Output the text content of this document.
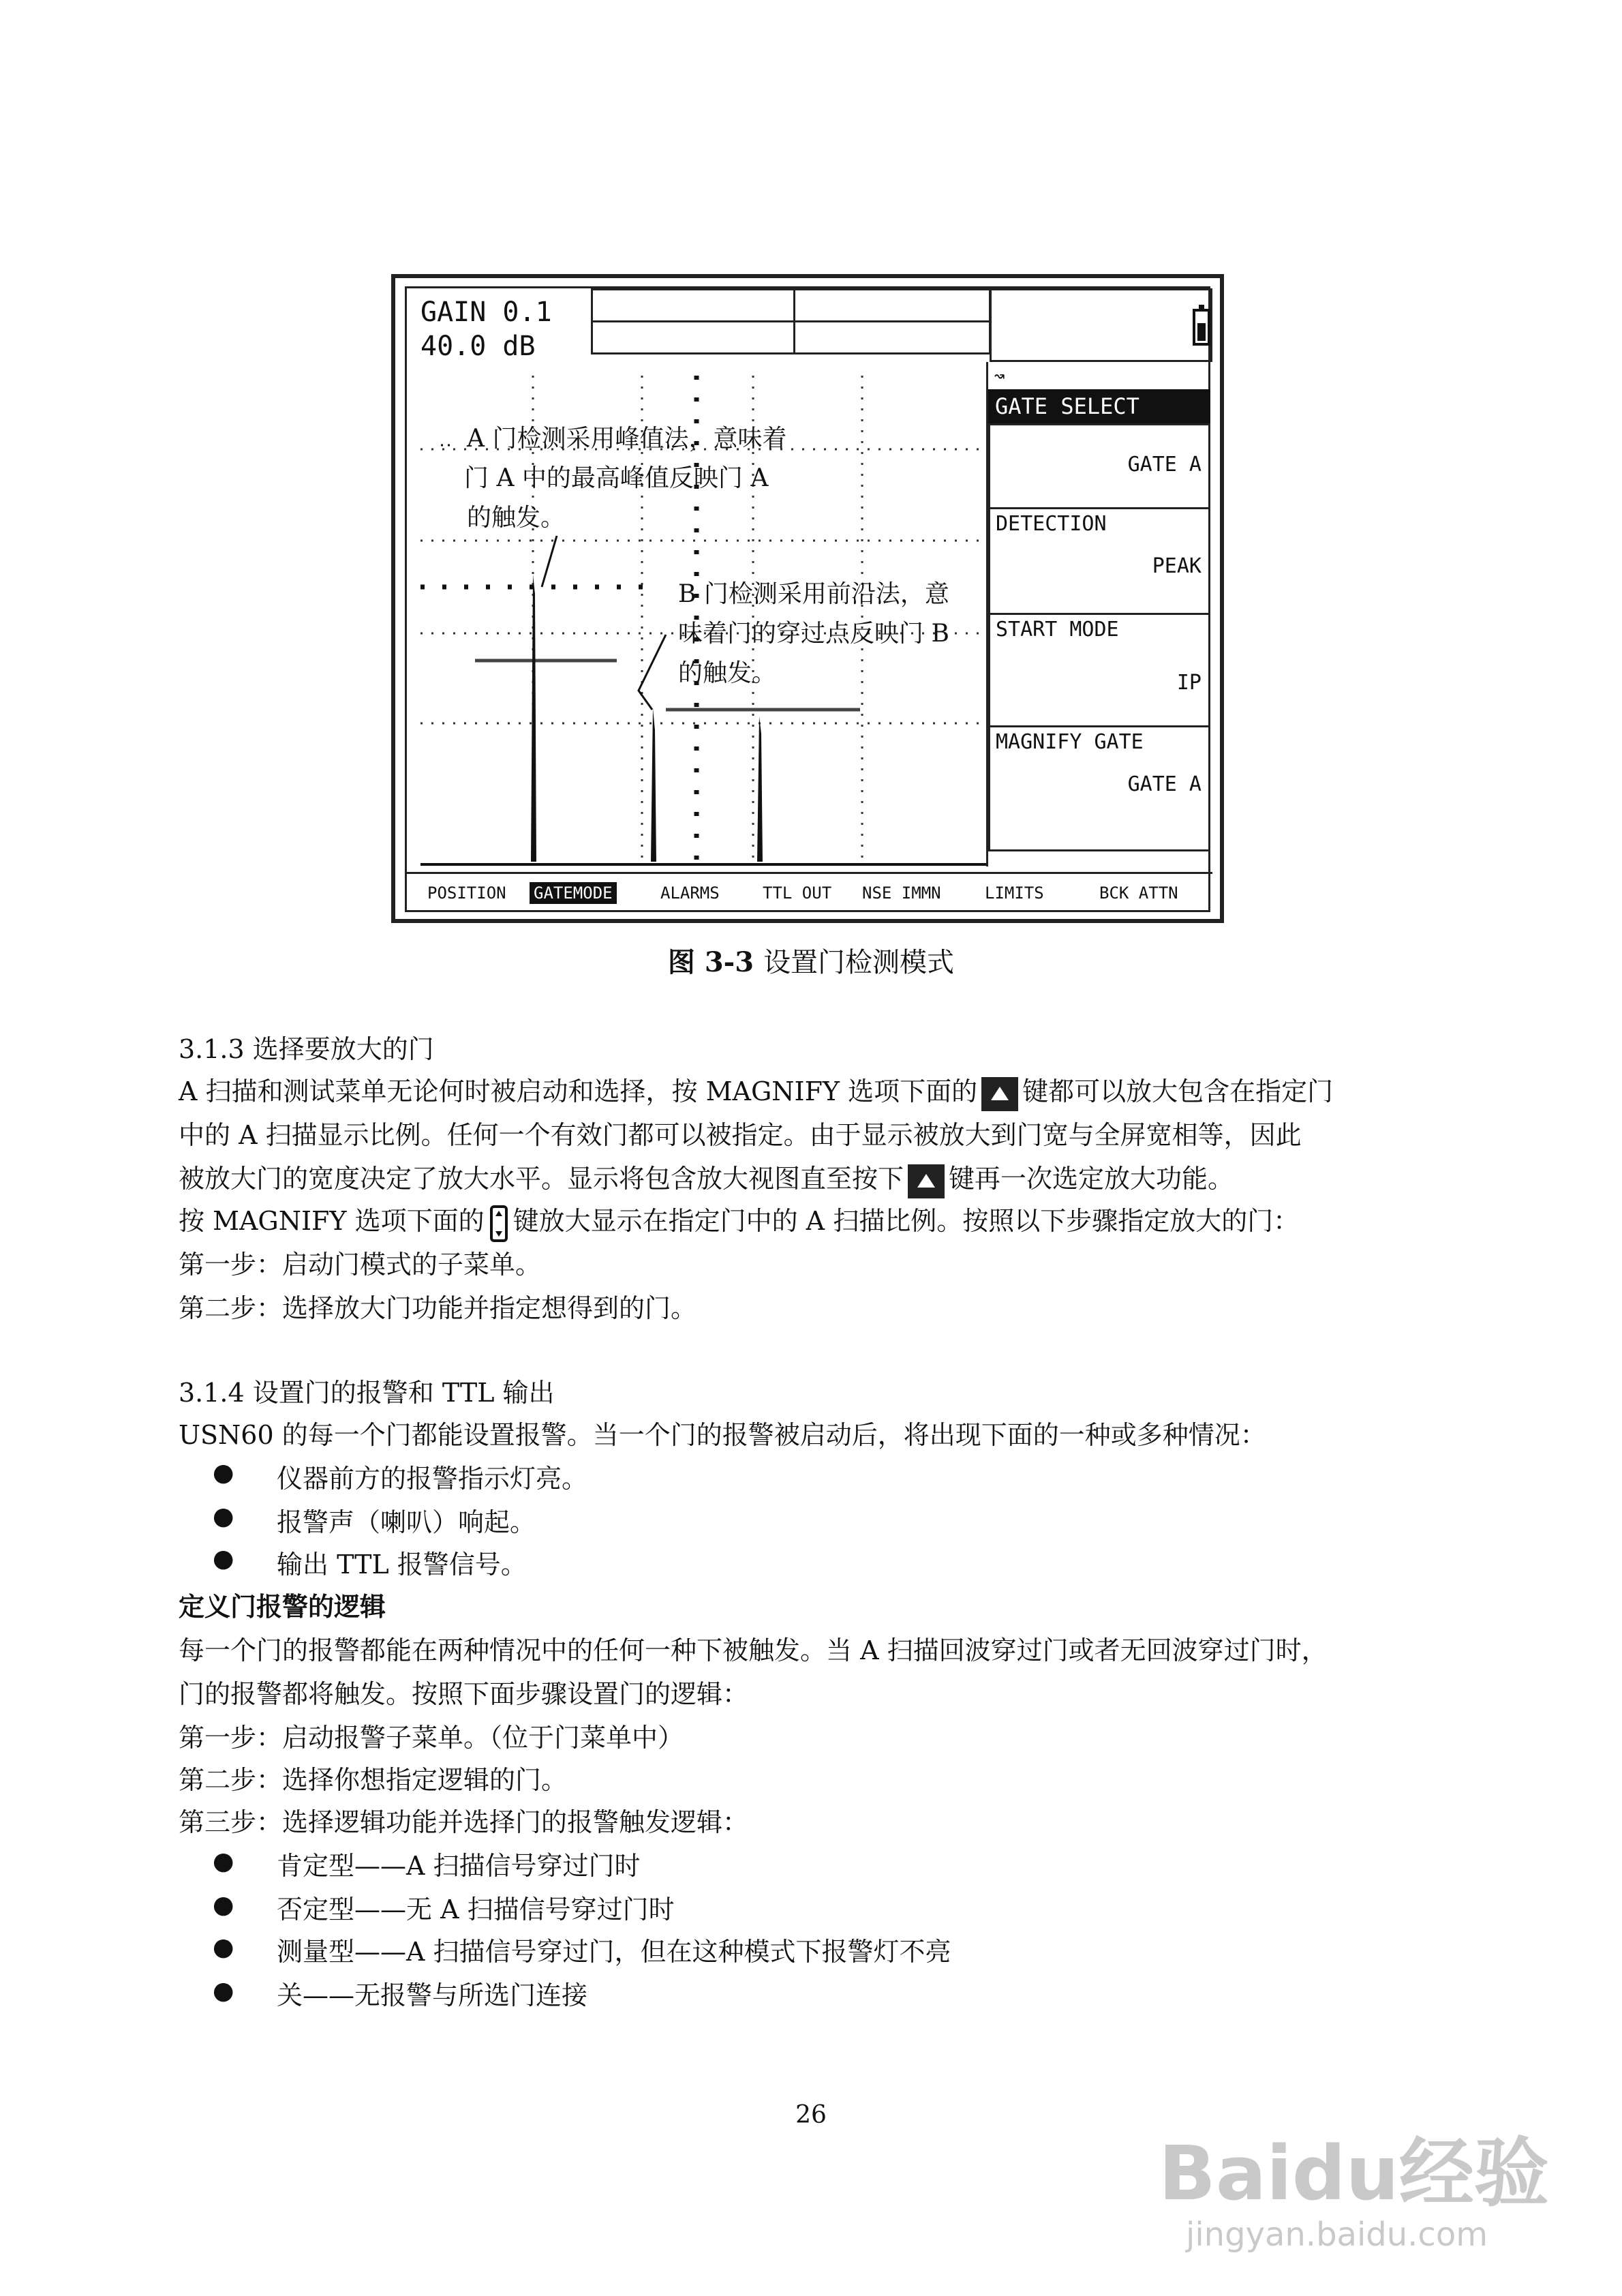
GAIN 0.1
40.0 dB
A 门检测采用峰值法，意味着
门 A 中的最高峰值反映门 A
的触发。
B 门检测采用前沿法，意
味着门的穿过点反映门 B
的触发。
↝
GATE SELECT
GATE A
DETECTION
PEAK
START MODE
IP
MAGNIFY GATE
GATE A
POSITION GATEMODE	ALARMS	TTL OUT NSE IMMN	LIMITS	BCK ATTN
图 3-3 设置门检测模式
3.1.3 选择要放大的门
A 扫描和测试菜单无论何时被启动和选择，按 MAGNIFY 选项下面的 键都可以放大包含在指定门
中的 A 扫描显示比例。任何一个有效门都可以被指定。由于显示被放大到门宽与全屏宽相等，因此
被放大门的宽度决定了放大水平。显示将包含放大视图直至按下 键再一次选定放大功能。
按 MAGNIFY 选项下面的 键放大显示在指定门中的 A 扫描比例。按照以下步骤指定放大的门：
第一步：启动门模式的子菜单。
第二步：选择放大门功能并指定想得到的门。
3.1.4 设置门的报警和 TTL 输出
USN60 的每一个门都能设置报警。当一个门的报警被启动后，将出现下面的一种或多种情况：
● 仪器前方的报警指示灯亮。
● 报警声（喇叭）响起。
● 输出 TTL 报警信号。
定义门报警的逻辑
每一个门的报警都能在两种情况中的任何一种下被触发。当 A 扫描回波穿过门或者无回波穿过门时，
门的报警都将触发。按照下面步骤设置门的逻辑：
第一步：启动报警子菜单。（位于门菜单中）
第二步：选择你想指定逻辑的门。
第三步：选择逻辑功能并选择门的报警触发逻辑：
● 肯定型——A 扫描信号穿过门时
● 否定型——无 A 扫描信号穿过门时
● 测量型——A 扫描信号穿过门，但在这种模式下报警灯不亮
● 关——无报警与所选门连接
26
Baidu经验
jingyan.baidu.com
